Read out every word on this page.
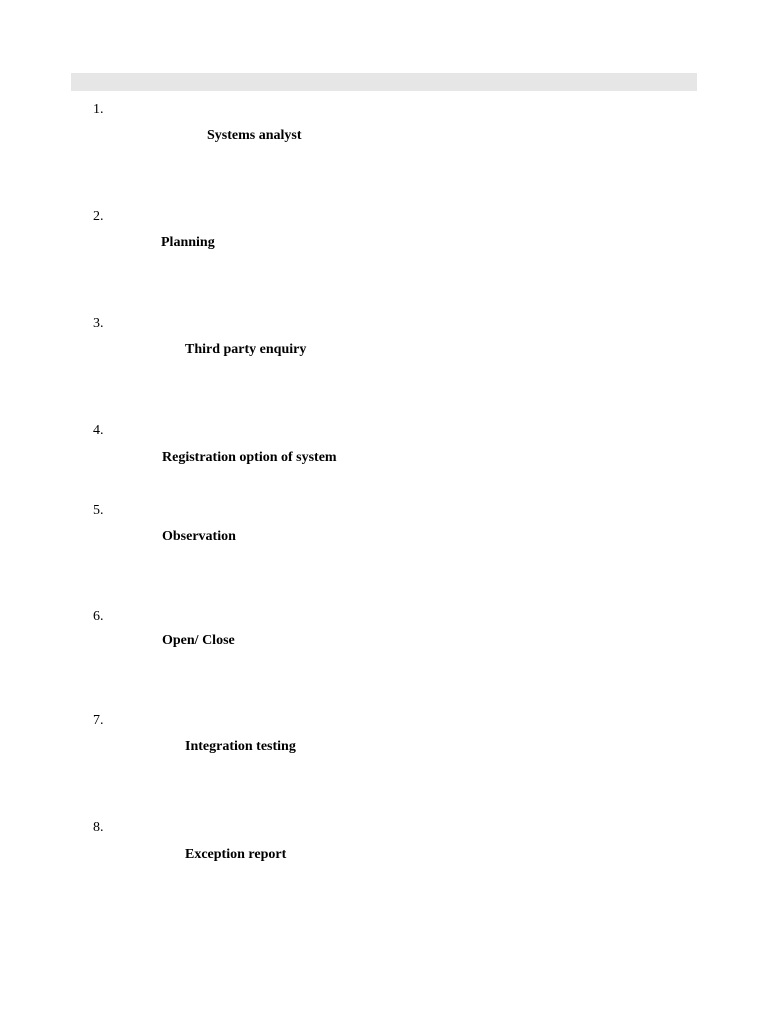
1.
Systems analyst
2.
Planning
3.
Third party enquiry
4.
Registration option of system
5.
Observation
6.
Open/ Close
7.
Integration testing
8.
Exception report
